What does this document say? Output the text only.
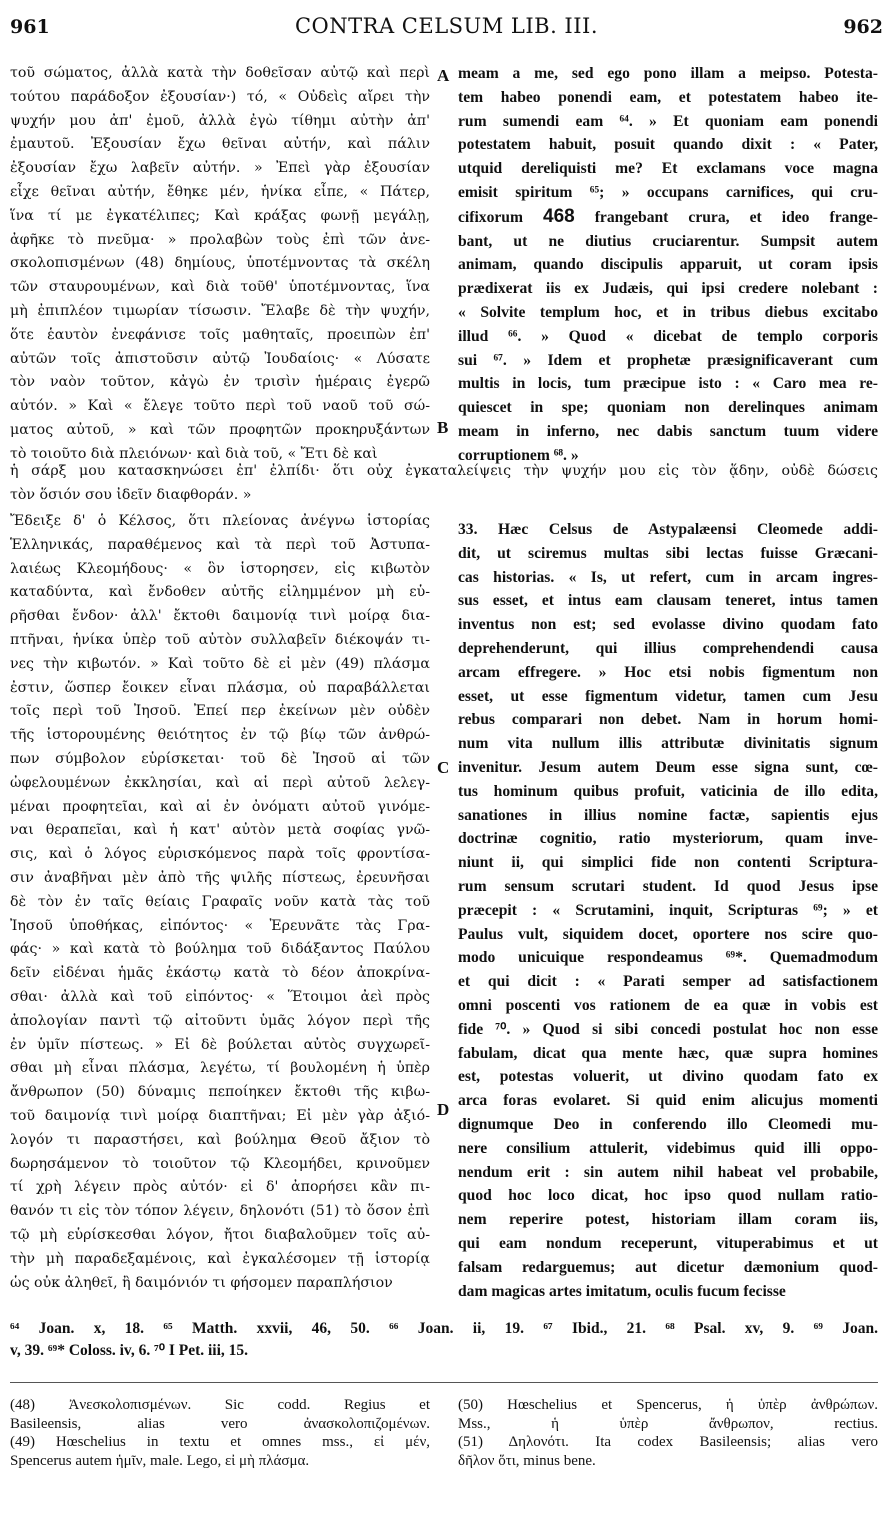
961	CONTRA CELSUM LIB. III.	962
τοῦ σώματος, ἀλλὰ κατὰ τὴν δοθεῖσαν αὐτῷ καὶ περὶ
τούτου παράδοξον ἐξουσίαν·) τό, « Οὐδεὶς αἴρει τὴν
ψυχήν μου ἀπ' ἐμοῦ, ἀλλὰ ἐγὼ τίθημι αὐτὴν ἀπ'
ἐμαυτοῦ. Ἐξουσίαν ἔχω θεῖναι αὐτήν, καὶ πάλιν
ἐξουσίαν ἔχω λαβεῖν αὐτήν. » Ἐπεὶ γὰρ ἐξουσίαν
εἶχε θεῖναι αὐτήν, ἔθηκε μέν, ἡνίκα εἶπε, « Πάτερ,
ἵνα τί με ἐγκατέλιπες; Καὶ κράξας φωνῇ μεγάλῃ,
ἀφῆκε τὸ πνεῦμα· » προλαβὼν τοὺς ἐπὶ τῶν ἀνε-
σκολοπισμένων (48) δημίους, ὑποτέμνοντας τὰ σκέλη
τῶν σταυρουμένων, καὶ διὰ τοῦθ' ὑποτέμνοντας, ἵνα
μὴ ἐπιπλέον τιμωρίαν τίσωσιν. Ἔλαβε δὲ τὴν ψυχήν,
ὅτε ἑαυτὸν ἐνεφάνισε τοῖς μαθηταῖς, προειπὼν ἐπ'
αὐτῶν τοῖς ἀπιστοῦσιν αὐτῷ Ἰουδαίοις· « Λύσατε
τὸν ναὸν τοῦτον, κἀγὼ ἐν τρισὶν ἡμέραις ἐγερῶ
αὐτόν. » Καὶ « ἔλεγε τοῦτο περὶ τοῦ ναοῦ τοῦ σώ-
ματος αὐτοῦ, » καὶ τῶν προφητῶν προκηρυξάντων
τὸ τοιοῦτο διὰ πλειόνων· καὶ διὰ τοῦ, « Ἔτι δὲ καὶ
meam a me, sed ego pono illam a meipso. Potesta-
tem habeo ponendi eam, et potestatem habeo ite-
rum sumendi eam ⁶⁴. » Et quoniam eam ponendi
potestatem habuit, posuit quando dixit : « Pater,
utquid dereliquisti me? Et exclamans voce magna
emisit spiritum ⁶⁵; » occupans carnifices, qui cru-
cifixorum 468 frangebant crura, et ideo frange-
bant, ut ne diutius cruciarentur. Sumpsit autem
animam, quando discipulis apparuit, ut coram ipsis
prædixerat iis ex Judæis, qui ipsi credere nolebant :
« Solvite templum hoc, et in tribus diebus excitabo
illud ⁶⁶. » Quod « dicebat de templo corporis
sui ⁶⁷. » Idem et prophetæ præsignificaverant cum
multis in locis, tum præcipue isto : « Caro mea re-
quiescet in spe; quoniam non derelinques animam
meam in inferno, nec dabis sanctum tuum videre
corruptionem ⁶⁸. »
A
B
C
D
ἡ σάρξ μου κατασκηνώσει ἐπ' ἐλπίδι· ὅτι οὐχ ἐγκαταλείψεις τὴν ψυχήν μου εἰς τὸν ᾅδην, οὐδὲ δώσεις
τὸν ὅσιόν σου ἰδεῖν διαφθοράν. »
Ἔδειξε δ' ὁ Κέλσος, ὅτι πλείονας ἀνέγνω ἱστορίας
Ἑλληνικάς, παραθέμενος καὶ τὰ περὶ τοῦ Ἀστυπα-
λαιέως Κλεομήδους· « ὃν ἱστορησεν, εἰς κιβωτὸν
καταδύντα, καὶ ἔνδοθεν αὐτῆς εἰλημμένον μὴ εὑ-
ρῆσθαι ἔνδον· ἀλλ' ἔκτοθι δαιμονίᾳ τινὶ μοίρᾳ δια-
πτῆναι, ἡνίκα ὑπὲρ τοῦ αὐτὸν συλλαβεῖν διέκοψάν τι-
νες τὴν κιβωτόν. » Καὶ τοῦτο δὲ εἰ μὲν (49) πλάσμα
ἐστιν, ὥσπερ ἔοικεν εἶναι πλάσμα, οὐ παραβάλλεται
τοῖς περὶ τοῦ Ἰησοῦ. Ἐπεί περ ἐκείνων μὲν οὐδὲν
τῆς ἱστορουμένης θειότητος ἐν τῷ βίῳ τῶν ἀνθρώ-
πων σύμβολον εὑρίσκεται· τοῦ δὲ Ἰησοῦ αἱ τῶν
ὠφελουμένων ἐκκλησίαι, καὶ αἱ περὶ αὐτοῦ λελεγ-
μέναι προφητεῖαι, καὶ αἱ ἐν ὀνόματι αὐτοῦ γινόμε-
ναι θεραπεῖαι, καὶ ἡ κατ' αὐτὸν μετὰ σοφίας γνῶ-
σις, καὶ ὁ λόγος εὑρισκόμενος παρὰ τοῖς φροντίσα-
σιν ἀναβῆναι μὲν ἀπὸ τῆς ψιλῆς πίστεως, ἐρευνῆσαι
δὲ τὸν ἐν ταῖς θείαις Γραφαῖς νοῦν κατὰ τὰς τοῦ
Ἰησοῦ ὑποθήκας, εἰπόντος· « Ἐρευνᾶτε τὰς Γρα-
φάς· » καὶ κατὰ τὸ βούλημα τοῦ διδάξαντος Παύλου
δεῖν εἰδέναι ἡμᾶς ἑκάστῳ κατὰ τὸ δέον ἀποκρίνα-
σθαι· ἀλλὰ καὶ τοῦ εἰπόντος· « Ἕτοιμοι ἀεὶ πρὸς
ἀπολογίαν παντὶ τῷ αἰτοῦντι ὑμᾶς λόγον περὶ τῆς
ἐν ὑμῖν πίστεως. » Εἰ δὲ βούλεται αὐτὸς συγχωρεῖ-
σθαι μὴ εἶναι πλάσμα, λεγέτω, τί βουλομένη ἡ ὑπὲρ
ἄνθρωπον (50) δύναμις πεποίηκεν ἔκτοθι τῆς κιβω-
τοῦ δαιμονίᾳ τινὶ μοίρᾳ διαπτῆναι; Εἰ μὲν γὰρ ἀξιό-
λογόν τι παραστήσει, καὶ βούλημα Θεοῦ ἄξιον τὸ
δωρησάμενον τὸ τοιοῦτον τῷ Κλεομήδει, κρινοῦμεν
τί χρὴ λέγειν πρὸς αὐτόν· εἰ δ' ἀπορήσει κἂν πι-
θανόν τι εἰς τὸν τόπον λέγειν, δηλονότι (51) τὸ ὅσον ἐπὶ
τῷ μὴ εὑρίσκεσθαι λόγον, ἤτοι διαβαλοῦμεν τοῖς αὐ-
τὴν μὴ παραδεξαμένοις, καὶ ἐγκαλέσομεν τῇ ἱστορίᾳ
ὡς οὐκ ἀληθεῖ, ἢ δαιμόνιόν τι φήσομεν παραπλήσιον
33. Hæc Celsus de Astypalæensi Cleomede addi-
dit, ut sciremus multas sibi lectas fuisse Græcani-
cas historias. « Is, ut refert, cum in arcam ingres-
sus esset, et intus eam clausam teneret, intus tamen
inventus non est; sed evolasse divino quodam fato
deprehenderunt, qui illius comprehendendi causa
arcam effregere. » Hoc etsi nobis figmentum non
esset, ut esse figmentum videtur, tamen cum Jesu
rebus comparari non debet. Nam in horum homi-
num vita nullum illis attributæ divinitatis signum
invenitur. Jesum autem Deum esse signa sunt, cœ-
tus hominum quibus profuit, vaticinia de illo edita,
sanationes in illius nomine factæ, sapientis ejus
doctrinæ cognitio, ratio mysteriorum, quam inve-
niunt ii, qui simplici fide non contenti Scriptura-
rum sensum scrutari student. Id quod Jesus ipse
præcepit : « Scrutamini, inquit, Scripturas ⁶⁹; » et
Paulus vult, siquidem docet, oportere nos scire quo-
modo unicuique respondeamus ⁶⁹*. Quemadmodum
et qui dicit : « Parati semper ad satisfactionem
omni poscenti vos rationem de ea quæ in vobis est
fide ⁷⁰. » Quod si sibi concedi postulat hoc non esse
fabulam, dicat qua mente hæc, quæ supra homines
est, potestas voluerit, ut divino quodam fato ex
arca foras evolaret. Si quid enim alicujus momenti
dignumque Deo in conferendo illo Cleomedi mu-
nere consilium attulerit, videbimus quid illi oppo-
nendum erit : sin autem nihil habeat vel probabile,
quod hoc loco dicat, hoc ipso quod nullam ratio-
nem reperire potest, historiam illam coram iis,
qui eam nondum receperunt, vituperabimus et ut
falsam redarguemus; aut dicetur dæmonium quod-
dam magicas artes imitatum, oculis fucum fecisse
⁶⁴ Joan. x, 18. ⁶⁵ Matth. xxvii, 46, 50. ⁶⁶ Joan. ii, 19. ⁶⁷ Ibid., 21. ⁶⁸ Psal. xv, 9. ⁶⁹ Joan.
v, 39. ⁶⁹* Coloss. iv, 6. ⁷⁰ I Pet. iii, 15.
(48) Ἀνεσκολοπισμένων. Sic codd. Regius et
Basileensis, alias vero ἀνασκολοπιζομένων.
(49) Hœschelius in textu et omnes mss., εἰ μέν,
Spencerus autem ἡμῖν, male. Lego, εἰ μὴ πλάσμα.
(50) Hœschelius et Spencerus, ἡ ὑπὲρ ἀνθρώπων.
Mss., ἡ ὑπὲρ ἄνθρωπον, rectius.
(51) Δηλονότι. Ita codex Basileensis; alias vero
δῆλον ὅτι, minus bene.
